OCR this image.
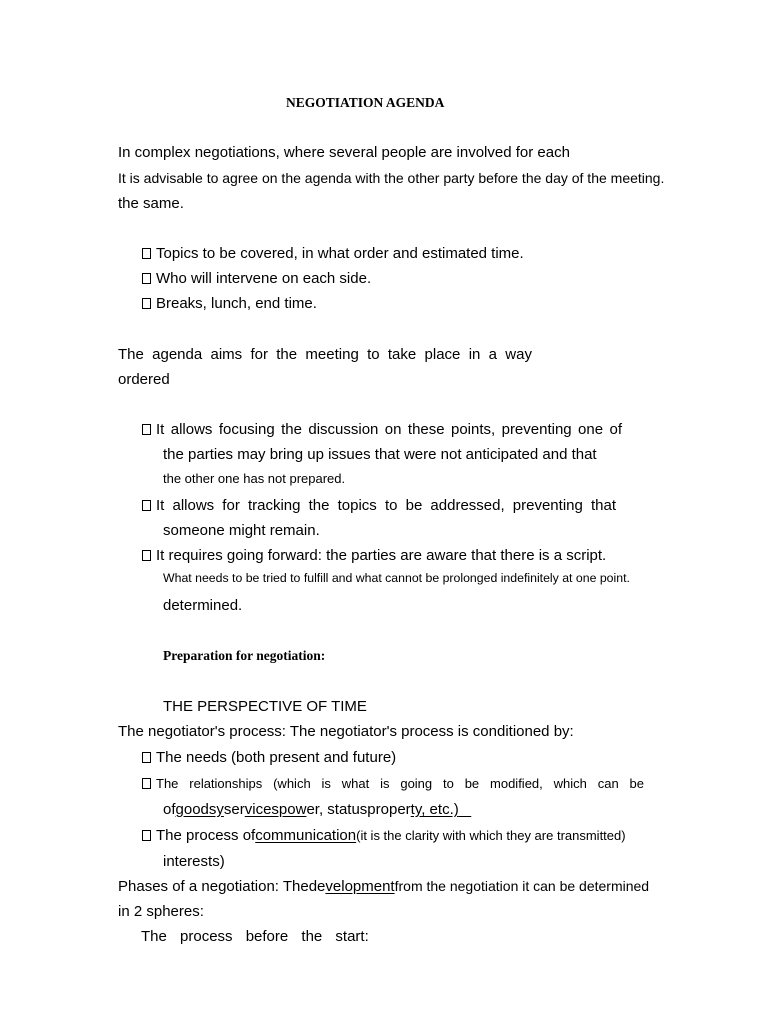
NEGOTIATION AGENDA
In complex negotiations, where several people are involved for each
It is advisable to agree on the agenda with the other party before the day of the meeting.
the same.
Topics to be covered, in what order and estimated time.
Who will intervene on each side.
Breaks, lunch, end time.
The agenda aims for the meeting to take place in a way
ordered
It allows focusing the discussion on these points, preventing one of
the parties may bring up issues that were not anticipated and that
the other one has not prepared.
It allows for tracking the topics to be addressed, preventing that
someone might remain.
It requires going forward: the parties are aware that there is a script.
What needs to be tried to fulfill and what cannot be prolonged indefinitely at one point.
determined.
Preparation for negotiation:
THE PERSPECTIVE OF TIME
The negotiator's process: The negotiator's process is conditioned by:
The needs (both present and future)
The relationships (which is what is going to be modified, which can be
ofgoodsyservicespower, statusproperty, etc.)
The process ofcommunication(it is the clarity with which they are transmitted)
interests)
Phases of a negotiation: Thedevelopmentfrom the negotiation it can be determined
in 2 spheres:
The process before the start:
